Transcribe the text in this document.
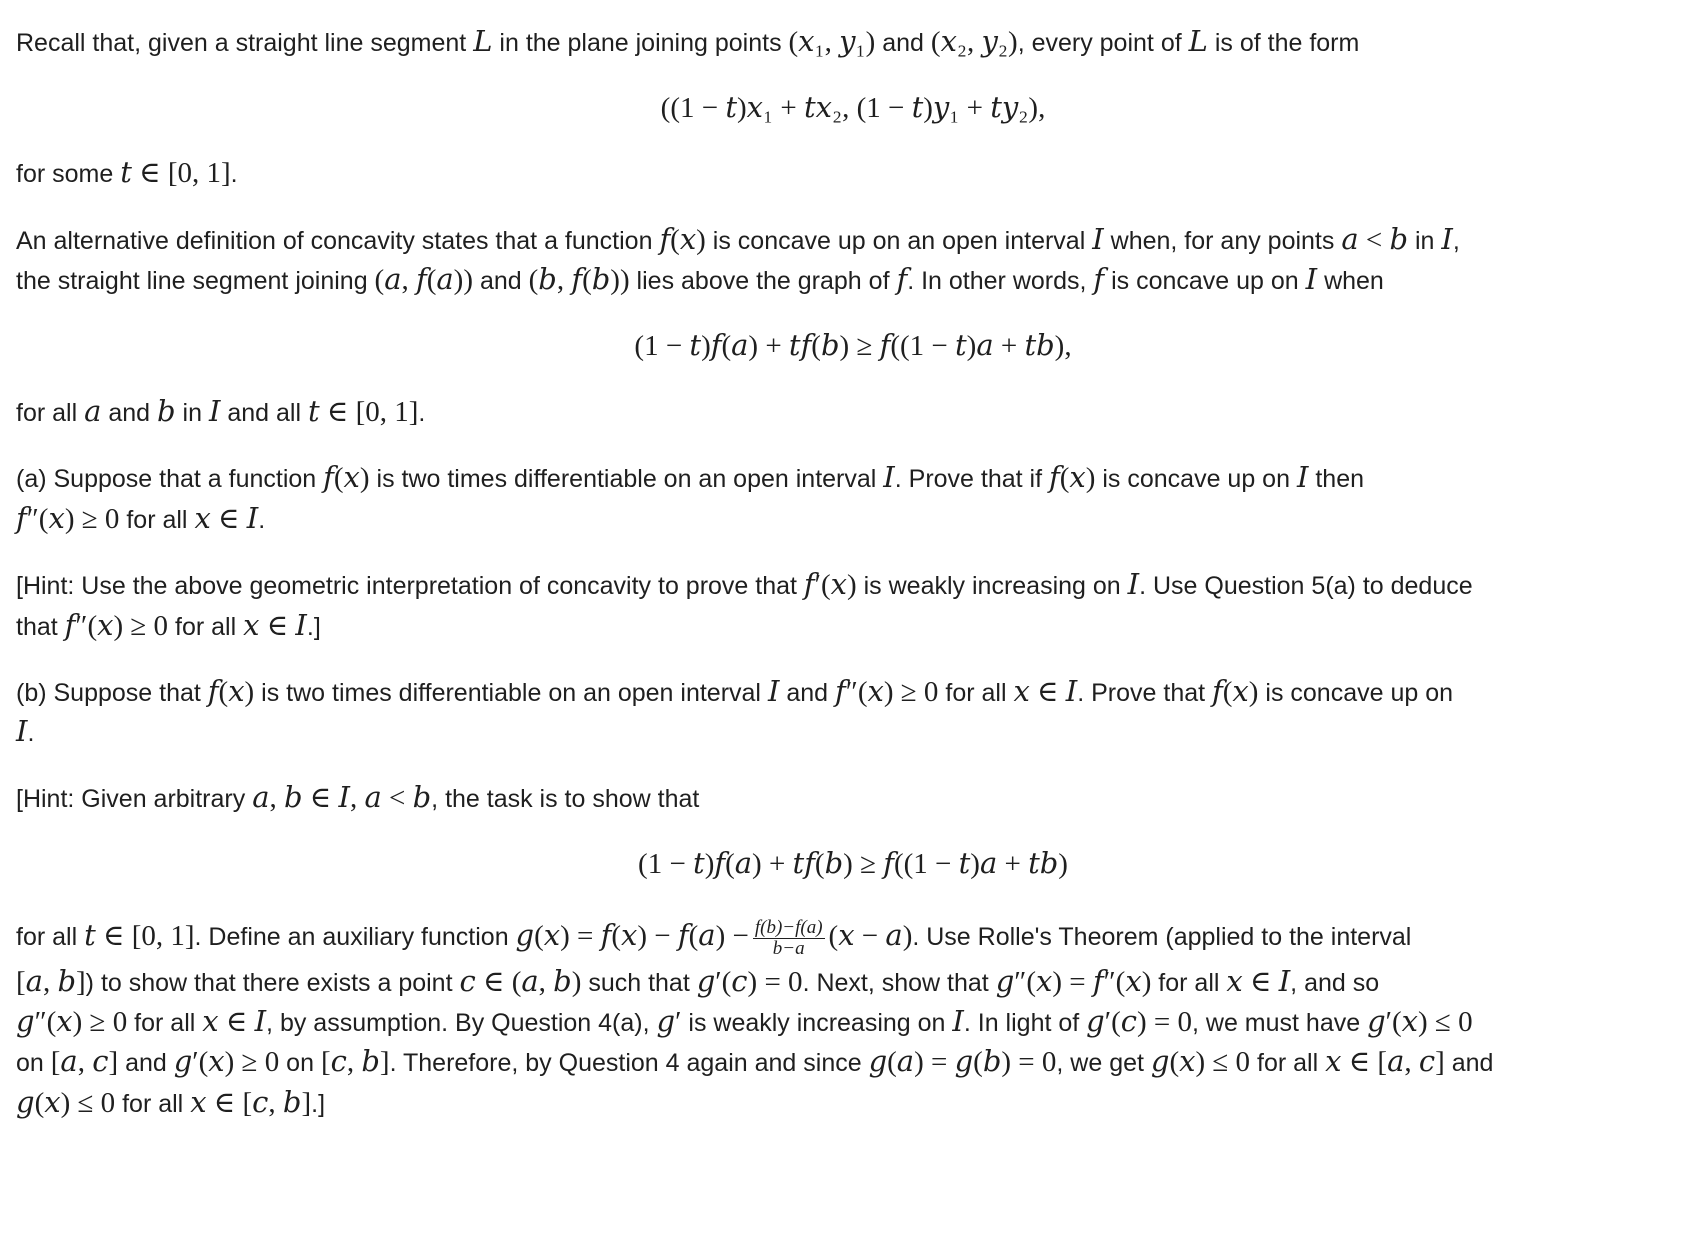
Recall that, given a straight line segment 𝐿 in the plane joining points (𝑥₁, 𝑦₁) and (𝑥₂, 𝑦₂), every point of 𝐿 is of the form
((1 − 𝑡)𝑥₁ + 𝑡𝑥₂, (1 − 𝑡)𝑦₁ + 𝑡𝑦₂),
for some 𝑡 ∈ [0, 1].
An alternative definition of concavity states that a function 𝑓(𝑥) is concave up on an open interval 𝐼 when, for any points 𝑎 < 𝑏 in 𝐼,
the straight line segment joining (𝑎, 𝑓(𝑎)) and (𝑏, 𝑓(𝑏)) lies above the graph of 𝑓. In other words, 𝑓 is concave up on 𝐼 when
(1 − 𝑡)𝑓(𝑎) + 𝑡𝑓(𝑏) ≥ 𝑓((1 − 𝑡)𝑎 + 𝑡𝑏),
for all 𝑎 and 𝑏 in 𝐼 and all 𝑡 ∈ [0, 1].
(a) Suppose that a function 𝑓(𝑥) is two times differentiable on an open interval 𝐼. Prove that if 𝑓(𝑥) is concave up on 𝐼 then
𝑓″(𝑥) ≥ 0 for all 𝑥 ∈ 𝐼.
[Hint: Use the above geometric interpretation of concavity to prove that 𝑓′(𝑥) is weakly increasing on 𝐼. Use Question 5(a) to deduce
that 𝑓″(𝑥) ≥ 0 for all 𝑥 ∈ 𝐼.]
(b) Suppose that 𝑓(𝑥) is two times differentiable on an open interval 𝐼 and 𝑓″(𝑥) ≥ 0 for all 𝑥 ∈ 𝐼. Prove that 𝑓(𝑥) is concave up on
𝐼.
[Hint: Given arbitrary 𝑎, 𝑏 ∈ 𝐼, 𝑎 < 𝑏, the task is to show that
(1 − 𝑡)𝑓(𝑎) + 𝑡𝑓(𝑏) ≥ 𝑓((1 − 𝑡)𝑎 + 𝑡𝑏)
for all 𝑡 ∈ [0, 1]. Define an auxiliary function 𝑔(𝑥) = 𝑓(𝑥) − 𝑓(𝑎) − $\frac{f(b)-f(a)}{b-a}$ (𝑥 − 𝑎). Use Rolle's Theorem (applied to the interval
[𝑎, 𝑏]) to show that there exists a point 𝑐 ∈ (𝑎, 𝑏) such that 𝑔′(𝑐) = 0. Next, show that 𝑔″(𝑥) = 𝑓″(𝑥) for all 𝑥 ∈ 𝐼, and so
𝑔″(𝑥) ≥ 0 for all 𝑥 ∈ 𝐼, by assumption. By Question 4(a), 𝑔′ is weakly increasing on 𝐼. In light of 𝑔′(𝑐) = 0, we must have 𝑔′(𝑥) ≤ 0
on [𝑎, 𝑐] and 𝑔′(𝑥) ≥ 0 on [𝑐, 𝑏]. Therefore, by Question 4 again and since 𝑔(𝑎) = 𝑔(𝑏) = 0, we get 𝑔(𝑥) ≤ 0 for all 𝑥 ∈ [𝑎, 𝑐] and
𝑔(𝑥) ≤ 0 for all 𝑥 ∈ [𝑐, 𝑏].]
